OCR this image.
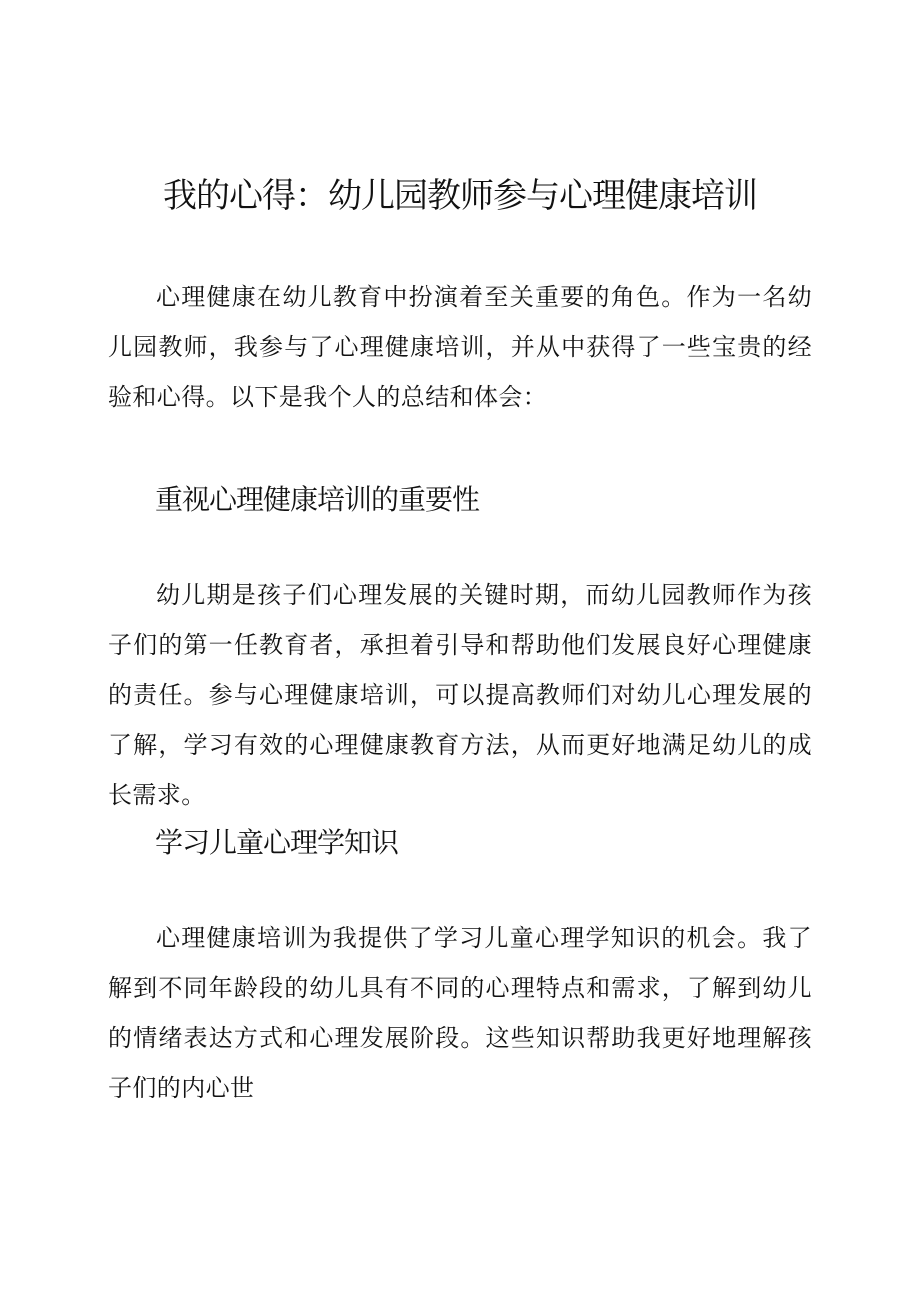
我的心得：幼儿园教师参与心理健康培训

心理健康在幼儿教育中扮演着至关重要的角色。作为一名幼儿园教师，我参与了心理健康培训，并从中获得了一些宝贵的经验和心得。以下是我个人的总结和体会：

重视心理健康培训的重要性

幼儿期是孩子们心理发展的关键时期，而幼儿园教师作为孩子们的第一任教育者，承担着引导和帮助他们发展良好心理健康的责任。参与心理健康培训，可以提高教师们对幼儿心理发展的了解，学习有效的心理健康教育方法，从而更好地满足幼儿的成长需求。

学习儿童心理学知识

心理健康培训为我提供了学习儿童心理学知识的机会。我了解到不同年龄段的幼儿具有不同的心理特点和需求，了解到幼儿的情绪表达方式和心理发展阶段。这些知识帮助我更好地理解孩子们的内心世
